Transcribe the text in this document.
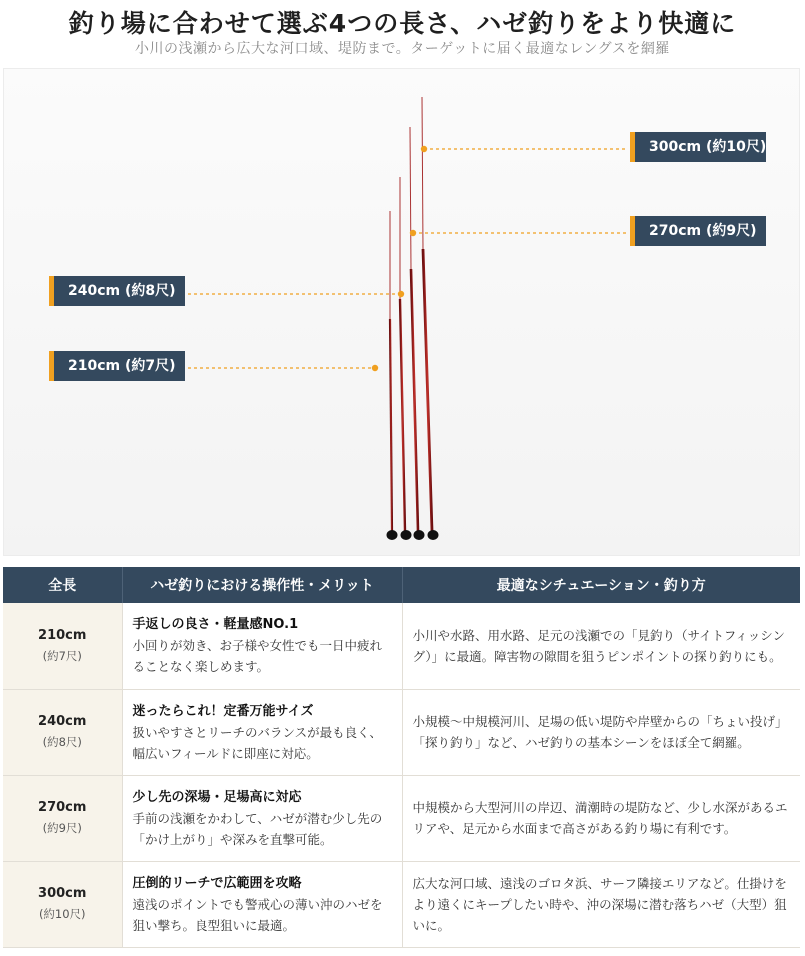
釣り場に合わせて選ぶ4つの長さ、ハゼ釣りをより快適に
小川の浅瀬から広大な河口域、堤防まで。ターゲットに届く最適なレングスを網羅
300cm (約10尺)
270cm (約9尺)
240cm (約8尺)
210cm (約7尺)
全長	ハゼ釣りにおける操作性・メリット	最適なシチュエーション・釣り方

210cm
(約7尺)	手返しの良さ・軽量感NO.1
小回りが効き、お子様や女性でも一日中疲れることなく楽しめます。	小川や水路、用水路、足元の浅瀬での「見釣り（サイトフィッシング）」に最適。障害物の隙間を狙うピンポイントの探り釣りにも。

240cm
(約8尺)	迷ったらこれ！定番万能サイズ
扱いやすさとリーチのバランスが最も良く、幅広いフィールドに即座に対応。	小規模〜中規模河川、足場の低い堤防や岸壁からの「ちょい投げ」「探り釣り」など、ハゼ釣りの基本シーンをほぼ全て網羅。

270cm
(約9尺)	少し先の深場・足場高に対応
手前の浅瀬をかわして、ハゼが潜む少し先の「かけ上がり」や深みを直撃可能。	中規模から大型河川の岸辺、満潮時の堤防など、少し水深があるエリアや、足元から水面まで高さがある釣り場に有利です。

300cm
(約10尺)	圧倒的リーチで広範囲を攻略
遠浅のポイントでも警戒心の薄い沖のハゼを狙い撃ち。良型狙いに最適。	広大な河口域、遠浅のゴロタ浜、サーフ隣接エリアなど。仕掛けをより遠くにキープしたい時や、沖の深場に潜む落ちハゼ（大型）狙いに。
